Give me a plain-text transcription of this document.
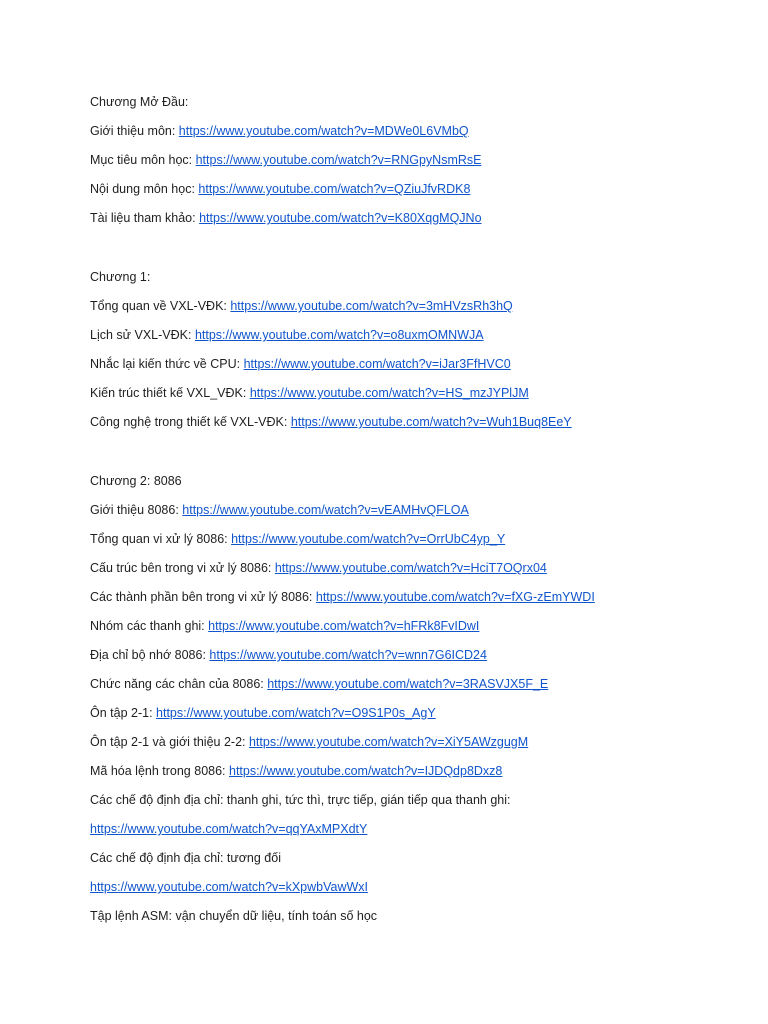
Chương Mở Đầu:
Giới thiệu môn: https://www.youtube.com/watch?v=MDWe0L6VMbQ
Mục tiêu môn học: https://www.youtube.com/watch?v=RNGpyNsmRsE
Nội dung môn học: https://www.youtube.com/watch?v=QZiuJfvRDK8
Tài liệu tham khảo: https://www.youtube.com/watch?v=K80XqgMQJNo
Chương 1:
Tổng quan về VXL-VĐK: https://www.youtube.com/watch?v=3mHVzsRh3hQ
Lịch sử VXL-VĐK: https://www.youtube.com/watch?v=o8uxmOMNWJA
Nhắc lại kiến thức về CPU: https://www.youtube.com/watch?v=iJar3FfHVC0
Kiến trúc thiết kế VXL_VĐK: https://www.youtube.com/watch?v=HS_mzJYPlJM
Công nghệ trong thiết kế VXL-VĐK: https://www.youtube.com/watch?v=Wuh1Buq8EeY
Chương 2: 8086
Giới thiệu 8086: https://www.youtube.com/watch?v=vEAMHvQFLOA
Tổng quan vi xử lý 8086: https://www.youtube.com/watch?v=OrrUbC4yp_Y
Cấu trúc bên trong vi xử lý 8086: https://www.youtube.com/watch?v=HciT7OQrx04
Các thành phần bên trong vi xử lý 8086: https://www.youtube.com/watch?v=fXG-zEmYWDI
Nhóm các thanh ghi: https://www.youtube.com/watch?v=hFRk8FvIDwI
Địa chỉ bộ nhớ 8086: https://www.youtube.com/watch?v=wnn7G6ICD24
Chức năng các chân của 8086: https://www.youtube.com/watch?v=3RASVJX5F_E
Ôn tập 2-1: https://www.youtube.com/watch?v=O9S1P0s_AgY
Ôn tập 2-1 và giới thiệu 2-2: https://www.youtube.com/watch?v=XiY5AWzgugM
Mã hóa lệnh trong 8086: https://www.youtube.com/watch?v=IJDQdp8Dxz8
Các chế độ định địa chỉ: thanh ghi, tức thì, trực tiếp, gián tiếp qua thanh ghi:
https://www.youtube.com/watch?v=qqYAxMPXdtY
Các chế độ định địa chỉ: tương đối
https://www.youtube.com/watch?v=kXpwbVawWxI
Tập lệnh ASM: vận chuyển dữ liệu, tính toán số học
